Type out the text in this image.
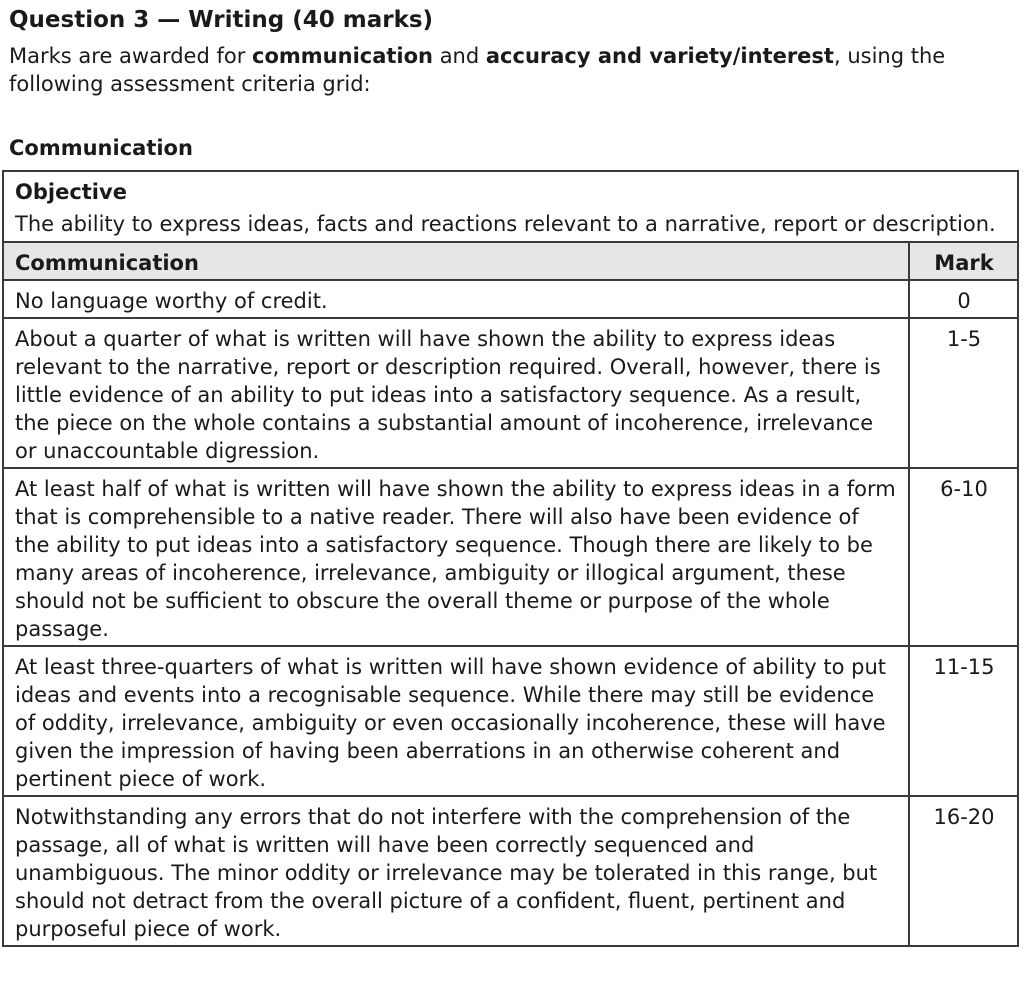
Question 3 — Writing (40 marks)
Marks are awarded for communication and accuracy and variety/interest, using the following assessment criteria grid:
Communication
Objective
The ability to express ideas, facts and reactions relevant to a narrative, report or description.	
Communication	Mark
No language worthy of credit.	0
About a quarter of what is written will have shown the ability to express ideas relevant to the narrative, report or description required. Overall, however, there is little evidence of an ability to put ideas into a satisfactory sequence. As a result, the piece on the whole contains a substantial amount of incoherence, irrelevance or unaccountable digression.	1-5
At least half of what is written will have shown the ability to express ideas in a form that is comprehensible to a native reader. There will also have been evidence of the ability to put ideas into a satisfactory sequence. Though there are likely to be many areas of incoherence, irrelevance, ambiguity or illogical argument, these should not be sufficient to obscure the overall theme or purpose of the whole passage.	6-10
At least three-quarters of what is written will have shown evidence of ability to put ideas and events into a recognisable sequence. While there may still be evidence of oddity, irrelevance, ambiguity or even occasionally incoherence, these will have given the impression of having been aberrations in an otherwise coherent and pertinent piece of work.	11-15
Notwithstanding any errors that do not interfere with the comprehension of the passage, all of what is written will have been correctly sequenced and unambiguous. The minor oddity or irrelevance may be tolerated in this range, but should not detract from the overall picture of a confident, fluent, pertinent and purposeful piece of work.	16-20
